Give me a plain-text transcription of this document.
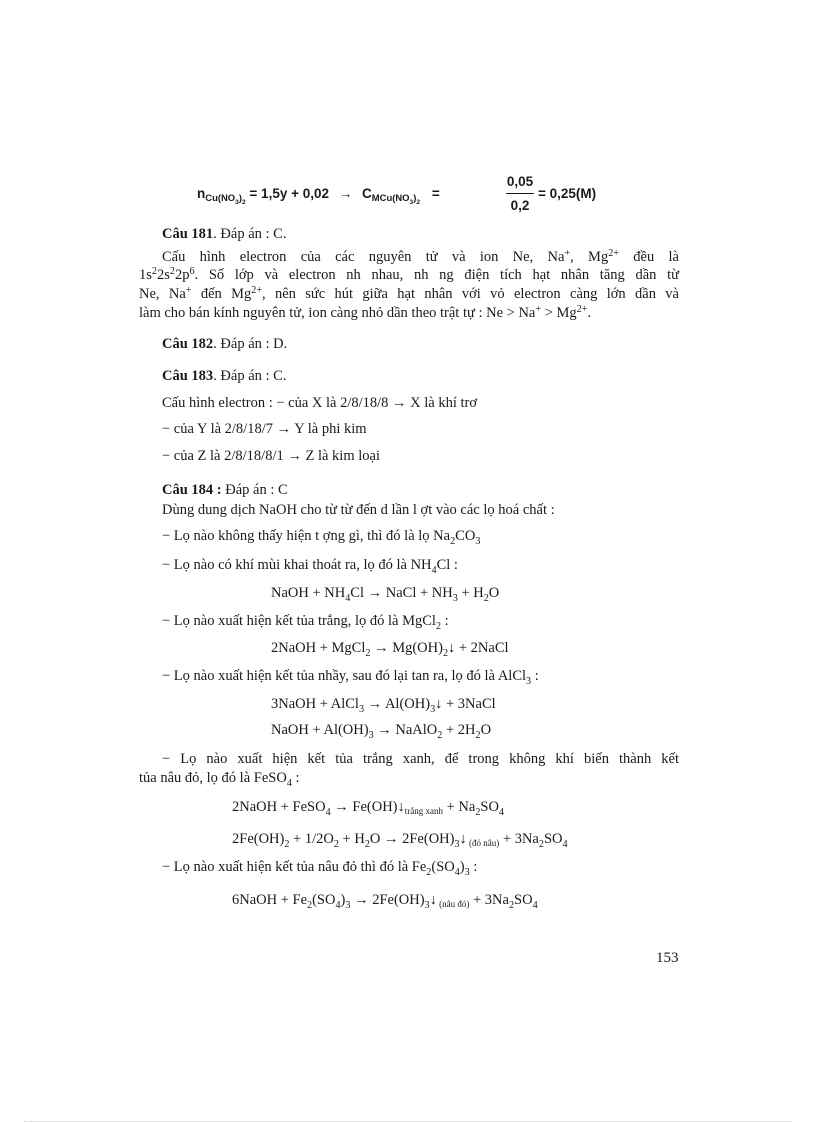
$n_{Cu(NO_3)_2} = 1,5y + 0,02 \to C_{MCu(NO_3)_2}$ =
0,05
0,2
= 0,25(M)
Câu 181. Đáp án : C.
Cấu hình electron của các nguyên tử và ion Ne, Na+, $Mg^{2+}$ đều là
$1s^22s^22p^6$. Số lớp và electron nh nhau, nh ng điện tích hạt nhân tăng dần từ
Ne, Na+ đến $Mg^{2+}$, nên sức hút giữa hạt nhân với vỏ electron càng lớn dần và
làm cho bán kính nguyên tử, ion càng nhỏ dần theo trật tự : $Ne > Na^+ > Mg^{2+}$.
Câu 182. Đáp án : D.
Câu 183. Đáp án : C.
Cấu hình electron : − của X là 2/8/18/8 → X là khí trơ
− của Y là 2/8/18/7 → Y là phi kim
− của Z là 2/8/18/8/1 → Z là kim loại
Câu 184 : Đáp án : C
Dùng dung dịch NaOH cho từ từ đến d lần l ợt vào các lọ hoá chất :
− Lọ nào không thấy hiện t ợng gì, thì đó là lọ $Na_2CO_3$
− Lọ nào có khí mùi khai thoát ra, lọ đó là $NH_4Cl$ :
NaOH + $NH_4Cl$ → NaCl + $NH_3 + H_2O$
− Lọ nào xuất hiện kết tủa trắng, lọ đó là MgCl$_2$ :
2NaOH + MgCl$_2$ → $Mg(OH)_2↓$ + 2NaCl
− Lọ nào xuất hiện kết tủa nhầy, sau đó lại tan ra, lọ đó là AlCl$_3$ :
3NaOH + AlCl$_3$ → $Al(OH)_3↓$ + 3NaCl
NaOH + $Al(OH)_3$ → NaAlO$_2$ + $2H_2O$
− Lọ nào xuất hiện kết tủa trắng xanh, để trong không khí biến thành kết
tủa nâu đỏ, lọ đó là FeSO$_4$ :
2NaOH + FeSO$_4$ → $Fe(OH)↓_{trắng xanh} + Na_2SO_4$
$2Fe(OH)_2 + 1/2O_2 + H_2O$ → $2Fe(OH)_3↓$ $_{(đỏ nâu)} + 3Na_2SO_4$
− Lọ nào xuất hiện kết tủa nâu đỏ thì đó là $Fe_2(SO_4)_3$ :
6NaOH + $Fe_2(SO_4)_3$ → $2Fe(OH)_3↓$ $_{(nâu đỏ)} + 3Na_2SO_4$
153
